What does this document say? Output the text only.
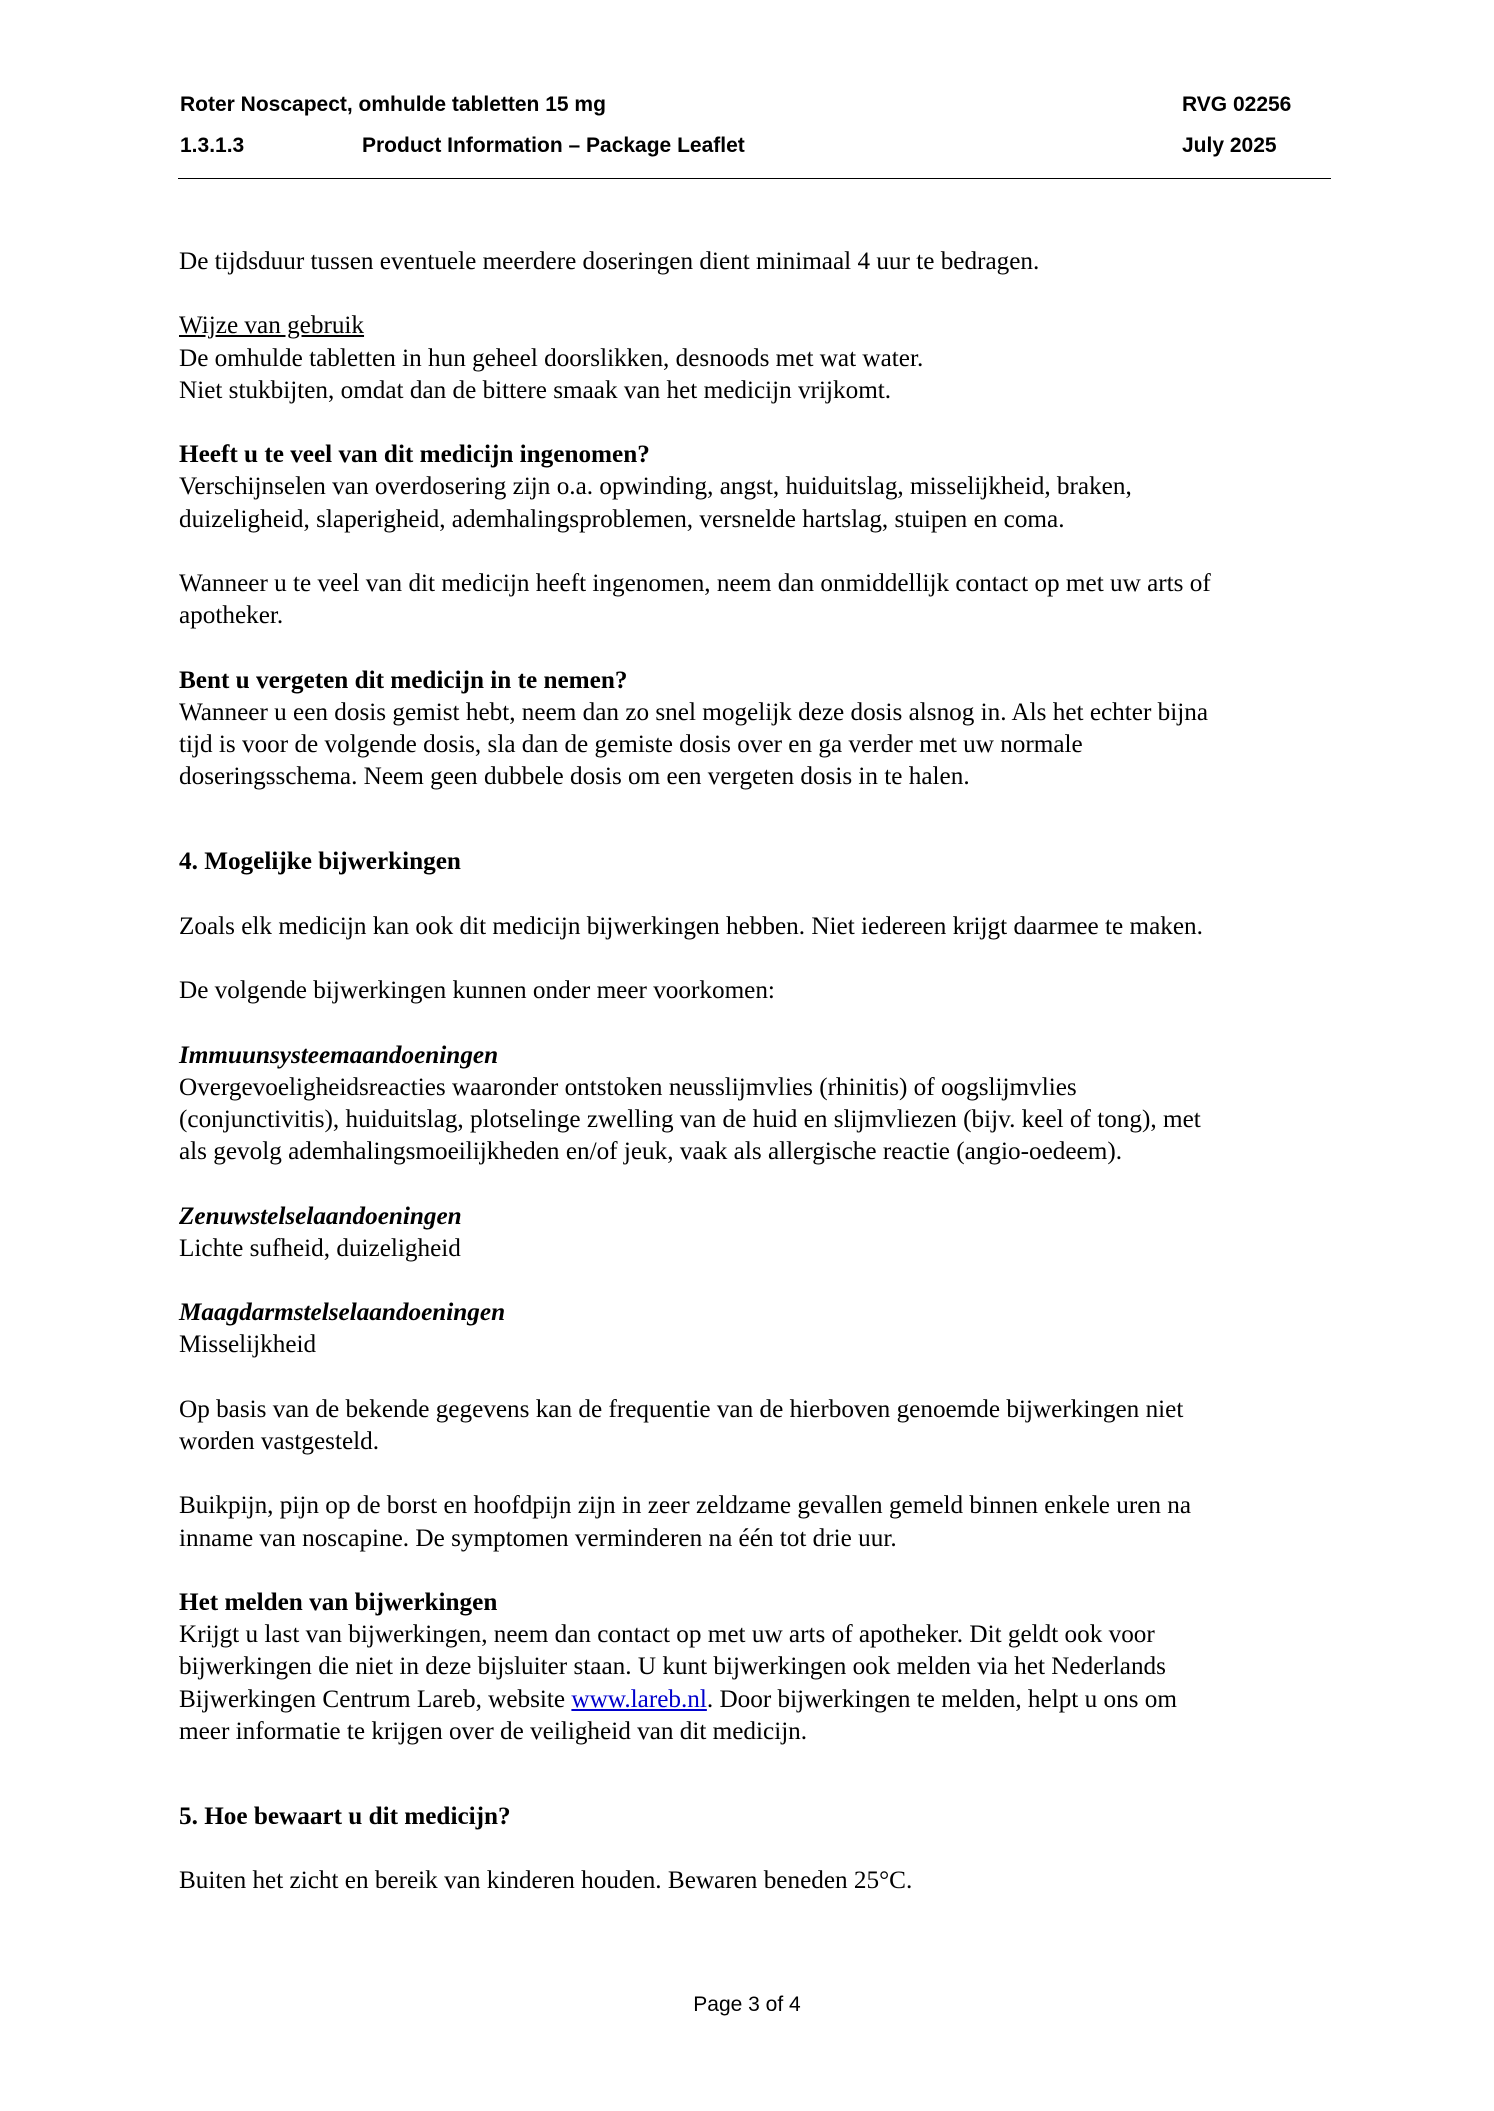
Roter Noscapect, omhulde tabletten 15 mg	RVG 02256
1.3.1.3	Product Information – Package Leaflet	July 2025

De tijdsduur tussen eventuele meerdere doseringen dient minimaal 4 uur te bedragen.

Wijze van gebruik

De omhulde tabletten in hun geheel doorslikken, desnoods met wat water.

Niet stukbijten, omdat dan de bittere smaak van het medicijn vrijkomt.

Heeft u te veel van dit medicijn ingenomen?

Verschijnselen van overdosering zijn o.a. opwinding, angst, huiduitslag, misselijkheid, braken,

duizeligheid, slaperigheid, ademhalingsproblemen, versnelde hartslag, stuipen en coma.

Wanneer u te veel van dit medicijn heeft ingenomen, neem dan onmiddellijk contact op met uw arts of

apotheker.

Bent u vergeten dit medicijn in te nemen?

Wanneer u een dosis gemist hebt, neem dan zo snel mogelijk deze dosis alsnog in. Als het echter bijna

tijd is voor de volgende dosis, sla dan de gemiste dosis over en ga verder met uw normale

doseringsschema. Neem geen dubbele dosis om een vergeten dosis in te halen.

4. Mogelijke bijwerkingen

Zoals elk medicijn kan ook dit medicijn bijwerkingen hebben. Niet iedereen krijgt daarmee te maken.

De volgende bijwerkingen kunnen onder meer voorkomen:

Immuunsysteemaandoeningen

Overgevoeligheidsreacties waaronder ontstoken neusslijmvlies (rhinitis) of oogslijmvlies

(conjunctivitis), huiduitslag, plotselinge zwelling van de huid en slijmvliezen (bijv. keel of tong), met

als gevolg ademhalingsmoeilijkheden en/of jeuk, vaak als allergische reactie (angio-oedeem).

Zenuwstelselaandoeningen

Lichte sufheid, duizeligheid

Maagdarmstelselaandoeningen

Misselijkheid

Op basis van de bekende gegevens kan de frequentie van de hierboven genoemde bijwerkingen niet

worden vastgesteld.

Buikpijn, pijn op de borst en hoofdpijn zijn in zeer zeldzame gevallen gemeld binnen enkele uren na

inname van noscapine. De symptomen verminderen na één tot drie uur.

Het melden van bijwerkingen

Krijgt u last van bijwerkingen, neem dan contact op met uw arts of apotheker. Dit geldt ook voor

bijwerkingen die niet in deze bijsluiter staan. U kunt bijwerkingen ook melden via het Nederlands

Bijwerkingen Centrum Lareb, website www.lareb.nl. Door bijwerkingen te melden, helpt u ons om

meer informatie te krijgen over de veiligheid van dit medicijn.

5. Hoe bewaart u dit medicijn?

Buiten het zicht en bereik van kinderen houden. Bewaren beneden 25°C.

Page 3 of 4
